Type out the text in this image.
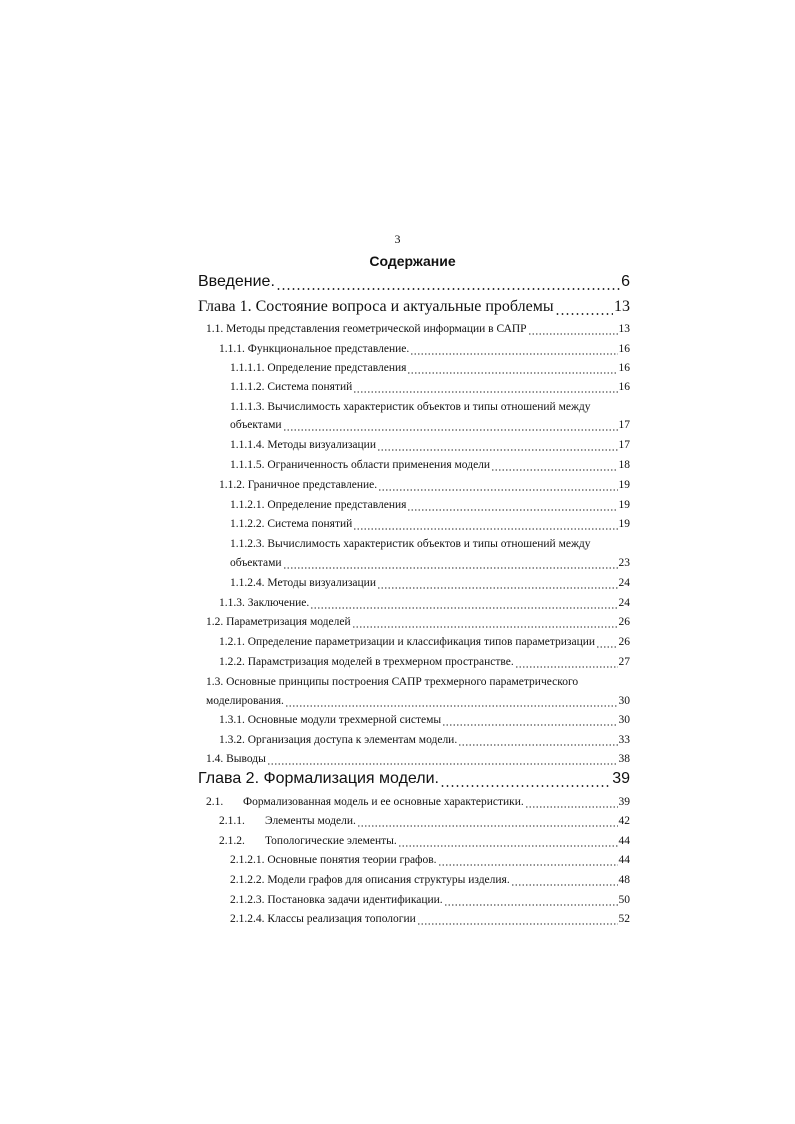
3
Содержание
Введение.	6
Глава 1. Состояние вопроса и актуальные проблемы	13
1.1. Методы представления геометрической информации в САПР	13
1.1.1. Функциональное представление.	16
1.1.1.1. Определение представления	16
1.1.1.2. Система понятий	16
1.1.1.3. Вычислимость характеристик объектов и типы отношений между
объектами	17
1.1.1.4. Методы визуализации	17
1.1.1.5. Ограниченность области применения модели	18
1.1.2. Граничное представление.	19
1.1.2.1. Определение представления	19
1.1.2.2. Система понятий	19
1.1.2.3. Вычислимость характеристик объектов и типы отношений между
объектами	23
1.1.2.4. Методы визуализации	24
1.1.3. Заключение.	24
1.2. Параметризация моделей	26
1.2.1. Определение параметризации и классификация типов параметризации 26
1.2.2. Парамстризация моделей в трехмерном пространстве.	27
1.3. Основные принципы построения САПР трехмерного параметрического
моделирования.	30
1.3.1. Основные модули трехмерной системы	30
1.3.2. Организация доступа к элементам модели.	33
1.4. Выводы	38
Глава 2. Формализация модели.	39
2.1.	Формализованная модель и ее основные характеристики.	39
2.1.1.	Элементы модели.	42
2.1.2.	Топологические элементы.	44
2.1.2.1. Основные понятия теории графов.	44
2.1.2.2. Модели графов для описания структуры изделия.	48
2.1.2.3. Постановка задачи идентификации.	50
2.1.2.4. Классы реализация топологии	52
